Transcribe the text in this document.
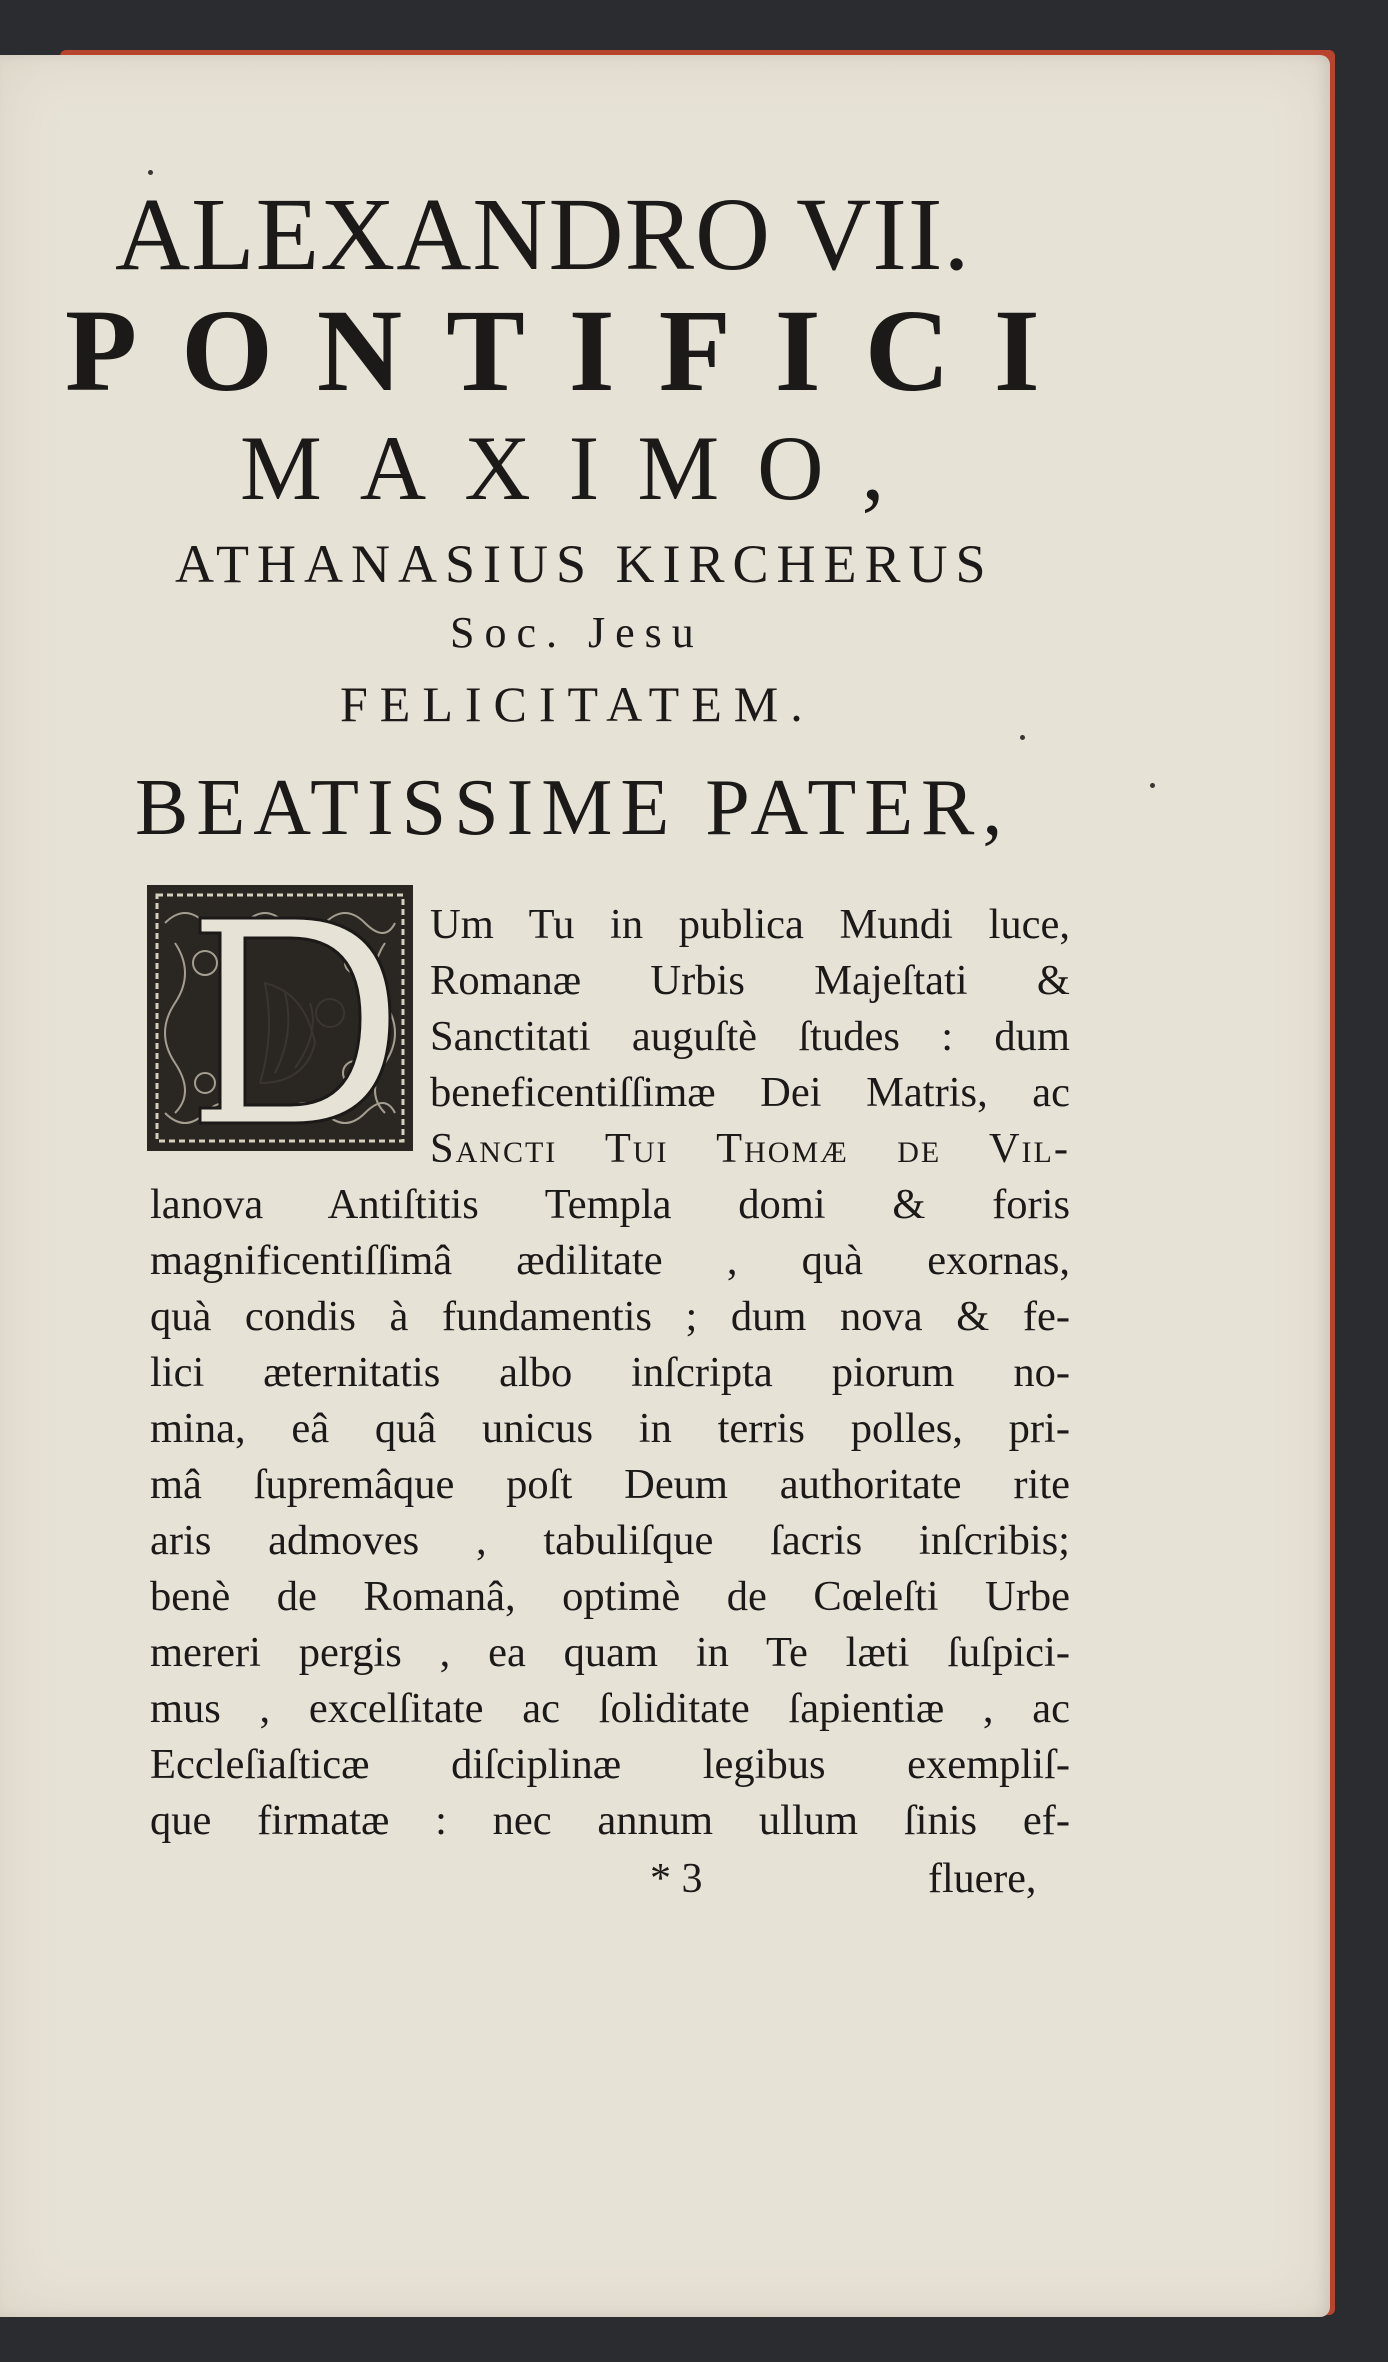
ALEXANDRO VII.
PONTIFICI
MAXIMO,
ATHANASIUS KIRCHERUS
Soc. Jesu
FELICITATEM.
BEATISSIME PATER,
Um Tu in publica Mundi luce,
Romanæ Urbis Majeſtati &
Sanctitati auguſtè ſtudes : dum
beneficentiſſimæ Dei Matris, ac
Sancti Tui Thomæ de Vil-
lanova Antiſtitis Templa domi & foris
magnificentiſſimâ ædilitate , quà exornas,
quà condis à fundamentis ; dum nova & fe-
lici æternitatis albo inſcripta piorum no-
mina, eâ quâ unicus in terris polles, pri-
mâ ſupremâque poſt Deum authoritate rite
aris admoves , tabuliſque ſacris inſcribis;
benè de Romanâ, optimè de Cœleſti Urbe
mereri pergis , ea quam in Te læti ſuſpici-
mus , excelſitate ac ſoliditate ſapientiæ , ac
Eccleſiaſticæ diſciplinæ legibus exempliſ-
que firmatæ : nec annum ullum ſinis ef-
* 3	fluere,
